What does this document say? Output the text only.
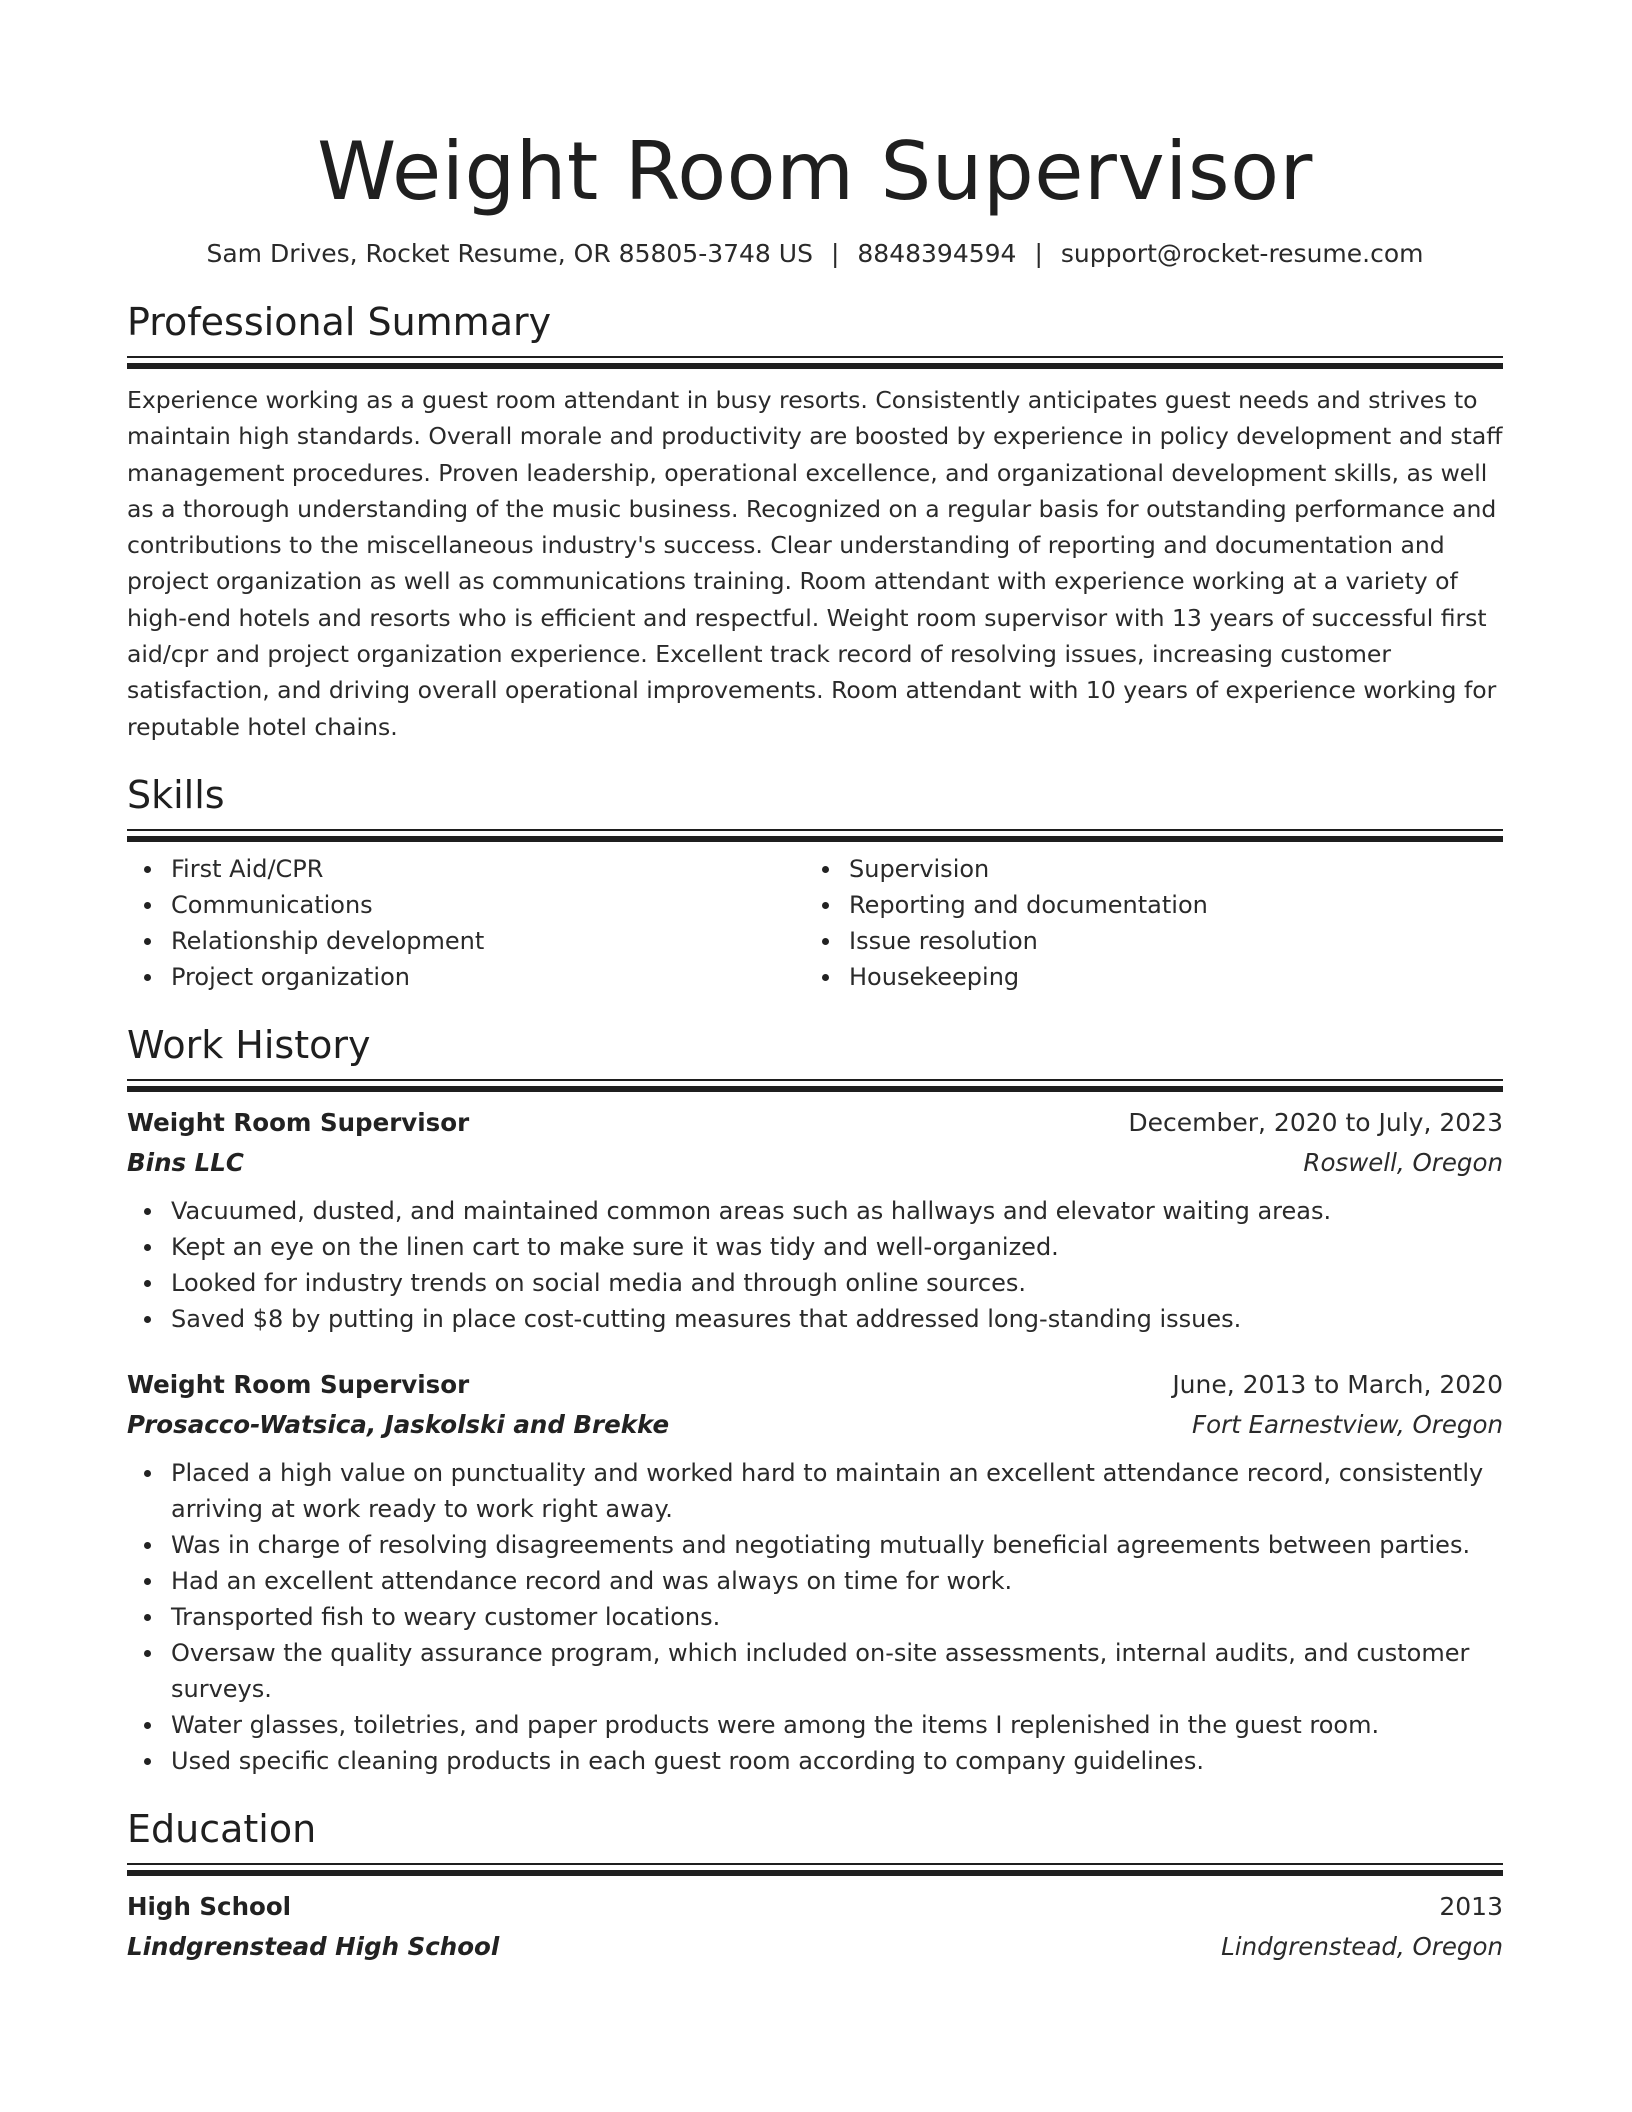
Weight Room Supervisor
Sam Drives, Rocket Resume, OR 85805-3748 US | 8848394594 | support@rocket-resume.com
Professional Summary

Experience working as a guest room attendant in busy resorts. Consistently anticipates guest needs and strives to maintain high standards. Overall morale and productivity are boosted by experience in policy development and staff management procedures. Proven leadership, operational excellence, and organizational development skills, as well as a thorough understanding of the music business. Recognized on a regular basis for outstanding performance and contributions to the miscellaneous industry's success. Clear understanding of reporting and documentation and project organization as well as communications training. Room attendant with experience working at a variety of high-end hotels and resorts who is efficient and respectful. Weight room supervisor with 13 years of successful first aid/cpr and project organization experience. Excellent track record of resolving issues, increasing customer satisfaction, and driving overall operational improvements. Room attendant with 10 years of experience working for reputable hotel chains.

Skills
First Aid/CPR
Communications
Relationship development
Project organization
Supervision
Reporting and documentation
Issue resolution
Housekeeping
Work History
Weight Room Supervisor	December, 2020 to July, 2023
Bins LLC	Roswell, Oregon
Vacuumed, dusted, and maintained common areas such as hallways and elevator waiting areas.
Kept an eye on the linen cart to make sure it was tidy and well-organized.
Looked for industry trends on social media and through online sources.
Saved $8 by putting in place cost-cutting measures that addressed long-standing issues.
Weight Room Supervisor	June, 2013 to March, 2020
Prosacco-Watsica, Jaskolski and Brekke	Fort Earnestview, Oregon
Placed a high value on punctuality and worked hard to maintain an excellent attendance record, consistently arriving at work ready to work right away.
Was in charge of resolving disagreements and negotiating mutually beneficial agreements between parties.
Had an excellent attendance record and was always on time for work.
Transported fish to weary customer locations.
Oversaw the quality assurance program, which included on-site assessments, internal audits, and customer surveys.
Water glasses, toiletries, and paper products were among the items I replenished in the guest room.
Used specific cleaning products in each guest room according to company guidelines.
Education
High School	2013
Lindgrenstead High School	Lindgrenstead, Oregon
